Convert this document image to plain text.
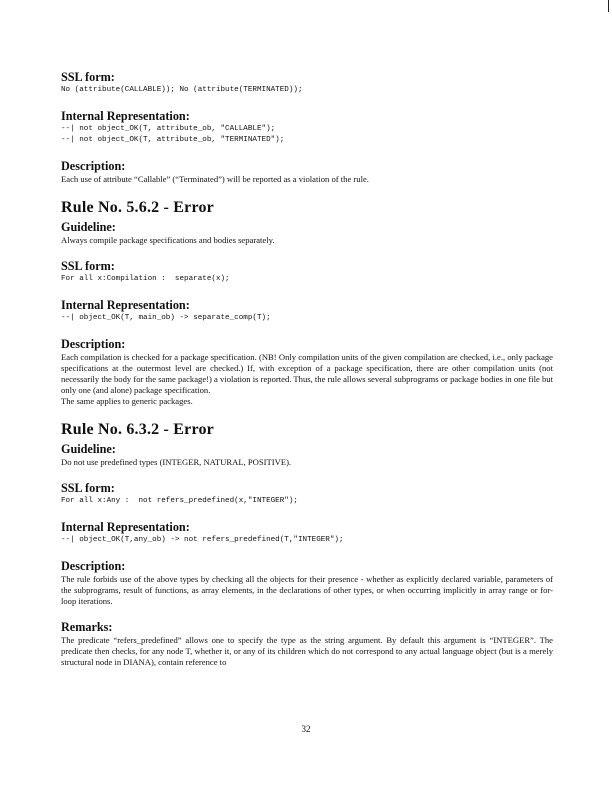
SSL form:
No (attribute(CALLABLE)); No (attribute(TERMINATED));
Internal Representation:
--| not object_OK(T, attribute_ob, "CALLABLE");
--| not object_OK(T, attribute_ob, "TERMINATED");
Description:

Each use of attribute “Callable” (“Terminated”) will be reported as a violation of the rule.

Rule No. 5.6.2 - Error
Guideline:

Always compile package specifications and bodies separately.

SSL form:
For all x:Compilation :  separate(x);
Internal Representation:
--| object_OK(T, main_ob) -> separate_comp(T);
Description:

Each compilation is checked for a package specification. (NB! Only compilation units of the given compilation are checked, i.e., only package specifications at the outermost level are checked.) If, with exception of a package specification, there are other compilation units (not necessarily the body for the same package!) a violation is reported. Thus, the rule allows several subprograms or package bodies in one file but only one (and alone) package specification.

The same applies to generic packages.

Rule No. 6.3.2 - Error
Guideline:

Do not use predefined types (INTEGER, NATURAL, POSITIVE).

SSL form:
For all x:Any :  not refers_predefined(x,"INTEGER");
Internal Representation:
--| object_OK(T,any_ob) -> not refers_predefined(T,"INTEGER");
Description:

The rule forbids use of the above types by checking all the objects for their presence - whether as explicitly declared variable, parameters of the subprograms, result of functions, as array elements, in the declarations of other types, or when occurring implicitly in array range or for-loop iterations.

Remarks:

The predicate “refers_predefined” allows one to specify the type as the string argument. By default this argument is “INTEGER”. The predicate then checks, for any node T, whether it, or any of its children which do not correspond to any actual language object (but is a merely structural node in DIANA), contain reference to

32
